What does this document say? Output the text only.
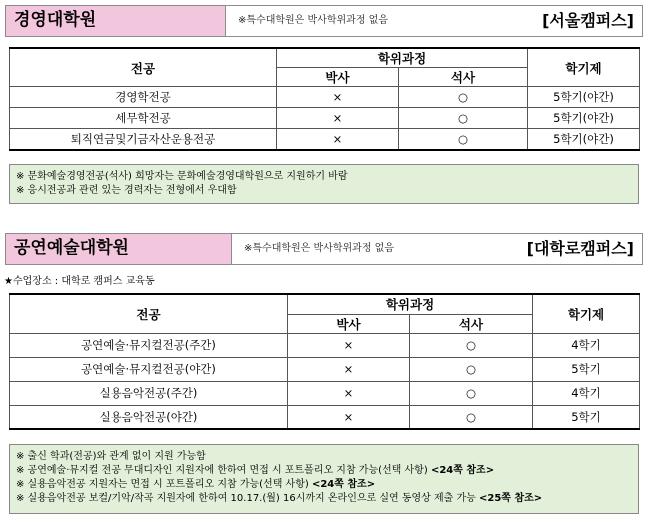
경영대학원	※특수대학원은 박사학위과정 없음	[서울캠퍼스]
전공	학위과정		학기제
	박사	석사	
경영학전공	×	○	5학기(야간)
세무학전공	×	○	5학기(야간)
퇴직연금및기금자산운용전공	×	○	5학기(야간)
※ 문화예술경영전공(석사) 희망자는 문화예술경영대학원으로 지원하기 바람
※ 응시전공과 관련 있는 경력자는 전형에서 우대함
공연예술대학원	※특수대학원은 박사학위과정 없음	[대학로캠퍼스]
★수업장소 : 대학로 캠퍼스 교육동
전공	학위과정		학기제
	박사	석사	
공연예술·뮤지컬전공(주간)	×	○	4학기
공연예술·뮤지컬전공(야간)	×	○	5학기
실용음악전공(주간)	×	○	4학기
실용음악전공(야간)	×	○	5학기
※ 출신 학과(전공)와 관계 없이 지원 가능함
※ 공연예술·뮤지컬 전공 무대디자인 지원자에 한하여 면접 시 포트폴리오 지참 가능(선택 사항) <24쪽 참조>
※ 실용음악전공 지원자는 면접 시 포트폴리오 지참 가능(선택 사항) <24쪽 참조>
※ 실용음악전공 보컬/기악/작곡 지원자에 한하여 10.17.(월) 16시까지 온라인으로 실연 동영상 제출 가능 <25쪽 참조>
